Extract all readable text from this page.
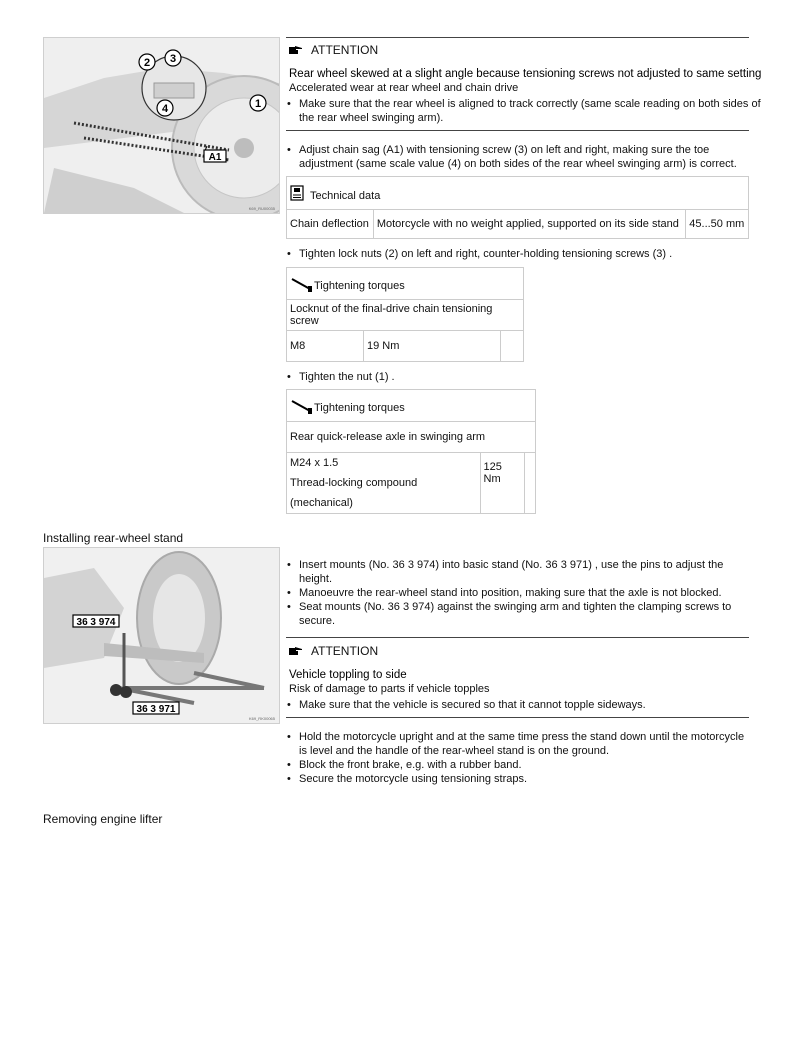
1
2 3
4
A1
K69_RU00035
ATTENTION
Rear wheel skewed at a slight angle because tensioning screws not adjusted to same setting
Accelerated wear at rear wheel and chain drive
• Make sure that the rear wheel is aligned to track correctly (same scale reading on both sides of
the rear wheel swinging arm).
• Adjust chain sag (A1) with tensioning screw (3) on left and right, making sure the toe
adjustment (same scale value (4) on both sides of the rear wheel swinging arm) is correct.
Technical data
Chain deflection	Motorcycle with no weight applied, supported on its side stand	45...50 mm
• Tighten lock nuts (2) on left and right, counter-holding tensioning screws (3) .
Tightening torques
Locknut of the final-drive chain tensioning screw
M8	19 Nm	
• Tighten the nut (1) .
Tightening torques
Rear quick-release axle in swinging arm
M24 x 1.5
Thread-locking compound (mechanical)	125 Nm	
Installing rear-wheel stand
36 3 974
36 3 971
K69_RK00065
• Insert mounts (No. 36 3 974) into basic stand (No. 36 3 971) , use the pins to adjust the
height.
• Manoeuvre the rear-wheel stand into position, making sure that the axle is not blocked.
• Seat mounts (No. 36 3 974) against the swinging arm and tighten the clamping screws to
secure.
ATTENTION
Vehicle toppling to side
Risk of damage to parts if vehicle topples
• Make sure that the vehicle is secured so that it cannot topple sideways.
• Hold the motorcycle upright and at the same time press the stand down until the motorcycle
is level and the handle of the rear-wheel stand is on the ground.
• Block the front brake, e.g. with a rubber band.
• Secure the motorcycle using tensioning straps.
Removing engine lifter
